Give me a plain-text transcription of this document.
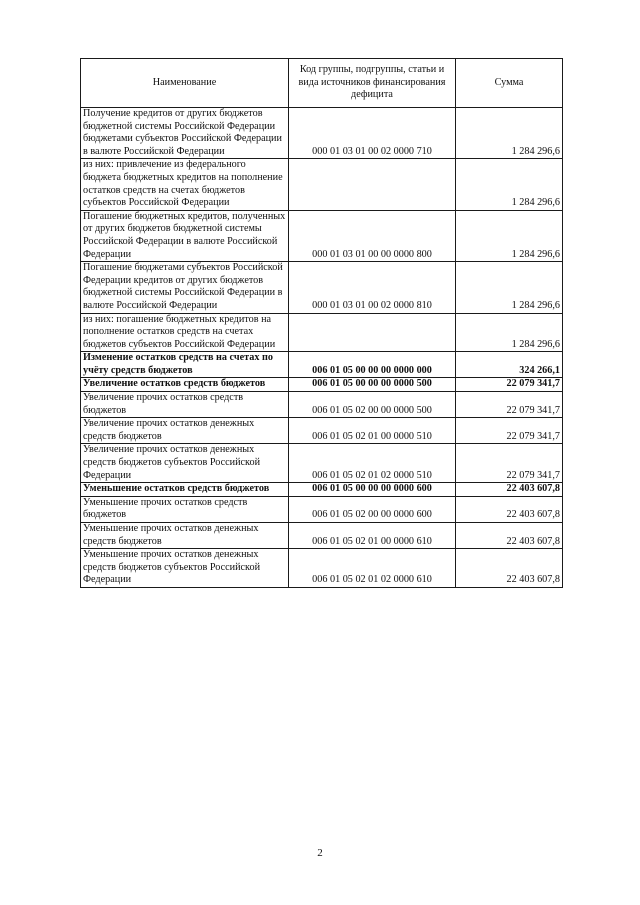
Наименование	Код группы, подгруппы, статьи и вида источников финансирования дефицита	Сумма
Получение кредитов от других бюджетов бюджетной системы Российской Федерации бюджетами субъектов Российской Федерации в валюте Российской Федерации	000 01 03 01 00 02 0000 710	1 284 296,6
из них: привлечение из федерального бюджета бюджетных кредитов на пополнение остатков средств на счетах бюджетов субъектов Российской Федерации		1 284 296,6
Погашение бюджетных кредитов, полученных от других бюджетов бюджетной системы Российской Федерации в валюте Российской Федерации	000 01 03 01 00 00 0000 800	1 284 296,6
Погашение бюджетами субъектов Российской Федерации кредитов от других бюджетов бюджетной системы Российской Федерации в валюте Российской Федерации	000 01 03 01 00 02 0000 810	1 284 296,6
из них: погашение бюджетных кредитов на пополнение остатков средств на счетах бюджетов субъектов Российской Федерации		1 284 296,6
Изменение остатков средств на счетах по учёту средств бюджетов	006 01 05 00 00 00 0000 000	324 266,1
Увеличение остатков средств бюджетов	006 01 05 00 00 00 0000 500	22 079 341,7
Увеличение прочих остатков средств бюджетов	006 01 05 02 00 00 0000 500	22 079 341,7
Увеличение прочих остатков денежных средств бюджетов	006 01 05 02 01 00 0000 510	22 079 341,7
Увеличение прочих остатков денежных средств бюджетов субъектов Российской Федерации	006 01 05 02 01 02 0000 510	22 079 341,7
Уменьшение остатков средств бюджетов	006 01 05 00 00 00 0000 600	22 403 607,8
Уменьшение прочих остатков средств бюджетов	006 01 05 02 00 00 0000 600	22 403 607,8
Уменьшение прочих остатков денежных средств бюджетов	006 01 05 02 01 00 0000 610	22 403 607,8
Уменьшение прочих остатков денежных средств бюджетов субъектов Российской Федерации	006 01 05 02 01 02 0000 610	22 403 607,8
2
